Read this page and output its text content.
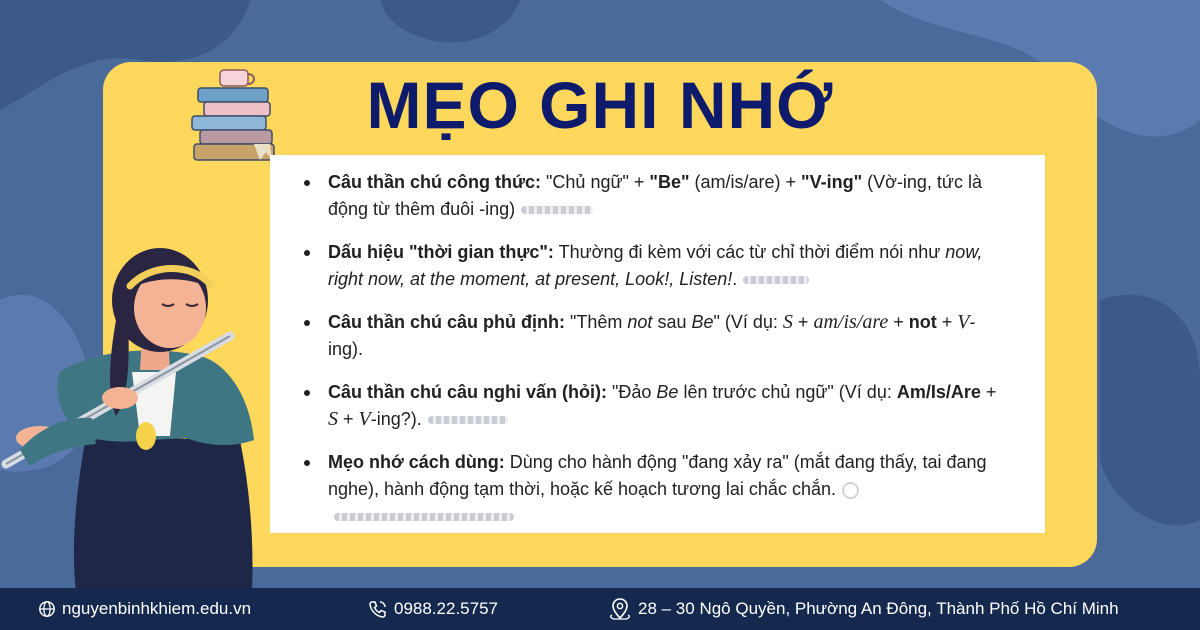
MẸO GHI NHỚ
Câu thần chú công thức: "Chủ ngữ" + "Be" (am/is/are) + "V-ing" (Vờ-ing, tức là động từ thêm đuôi -ing)
Dấu hiệu "thời gian thực": Thường đi kèm với các từ chỉ thời điểm nói như now, right now, at the moment, at present, Look!, Listen!.
Câu thần chú câu phủ định: "Thêm not sau Be" (Ví dụ: S + am/is/are + not + V-ing).
Câu thần chú câu nghi vấn (hỏi): "Đảo Be lên trước chủ ngữ" (Ví dụ: Am/Is/Are + S + V-ing?).
Mẹo nhớ cách dùng: Dùng cho hành động "đang xảy ra" (mắt đang thấy, tai đang nghe), hành động tạm thời, hoặc kế hoạch tương lai chắc chắn.
nguyenbinhkhiem.edu.vn	0988.22.5757	28 – 30 Ngô Quyền, Phường An Đông, Thành Phố Hồ Chí Minh
